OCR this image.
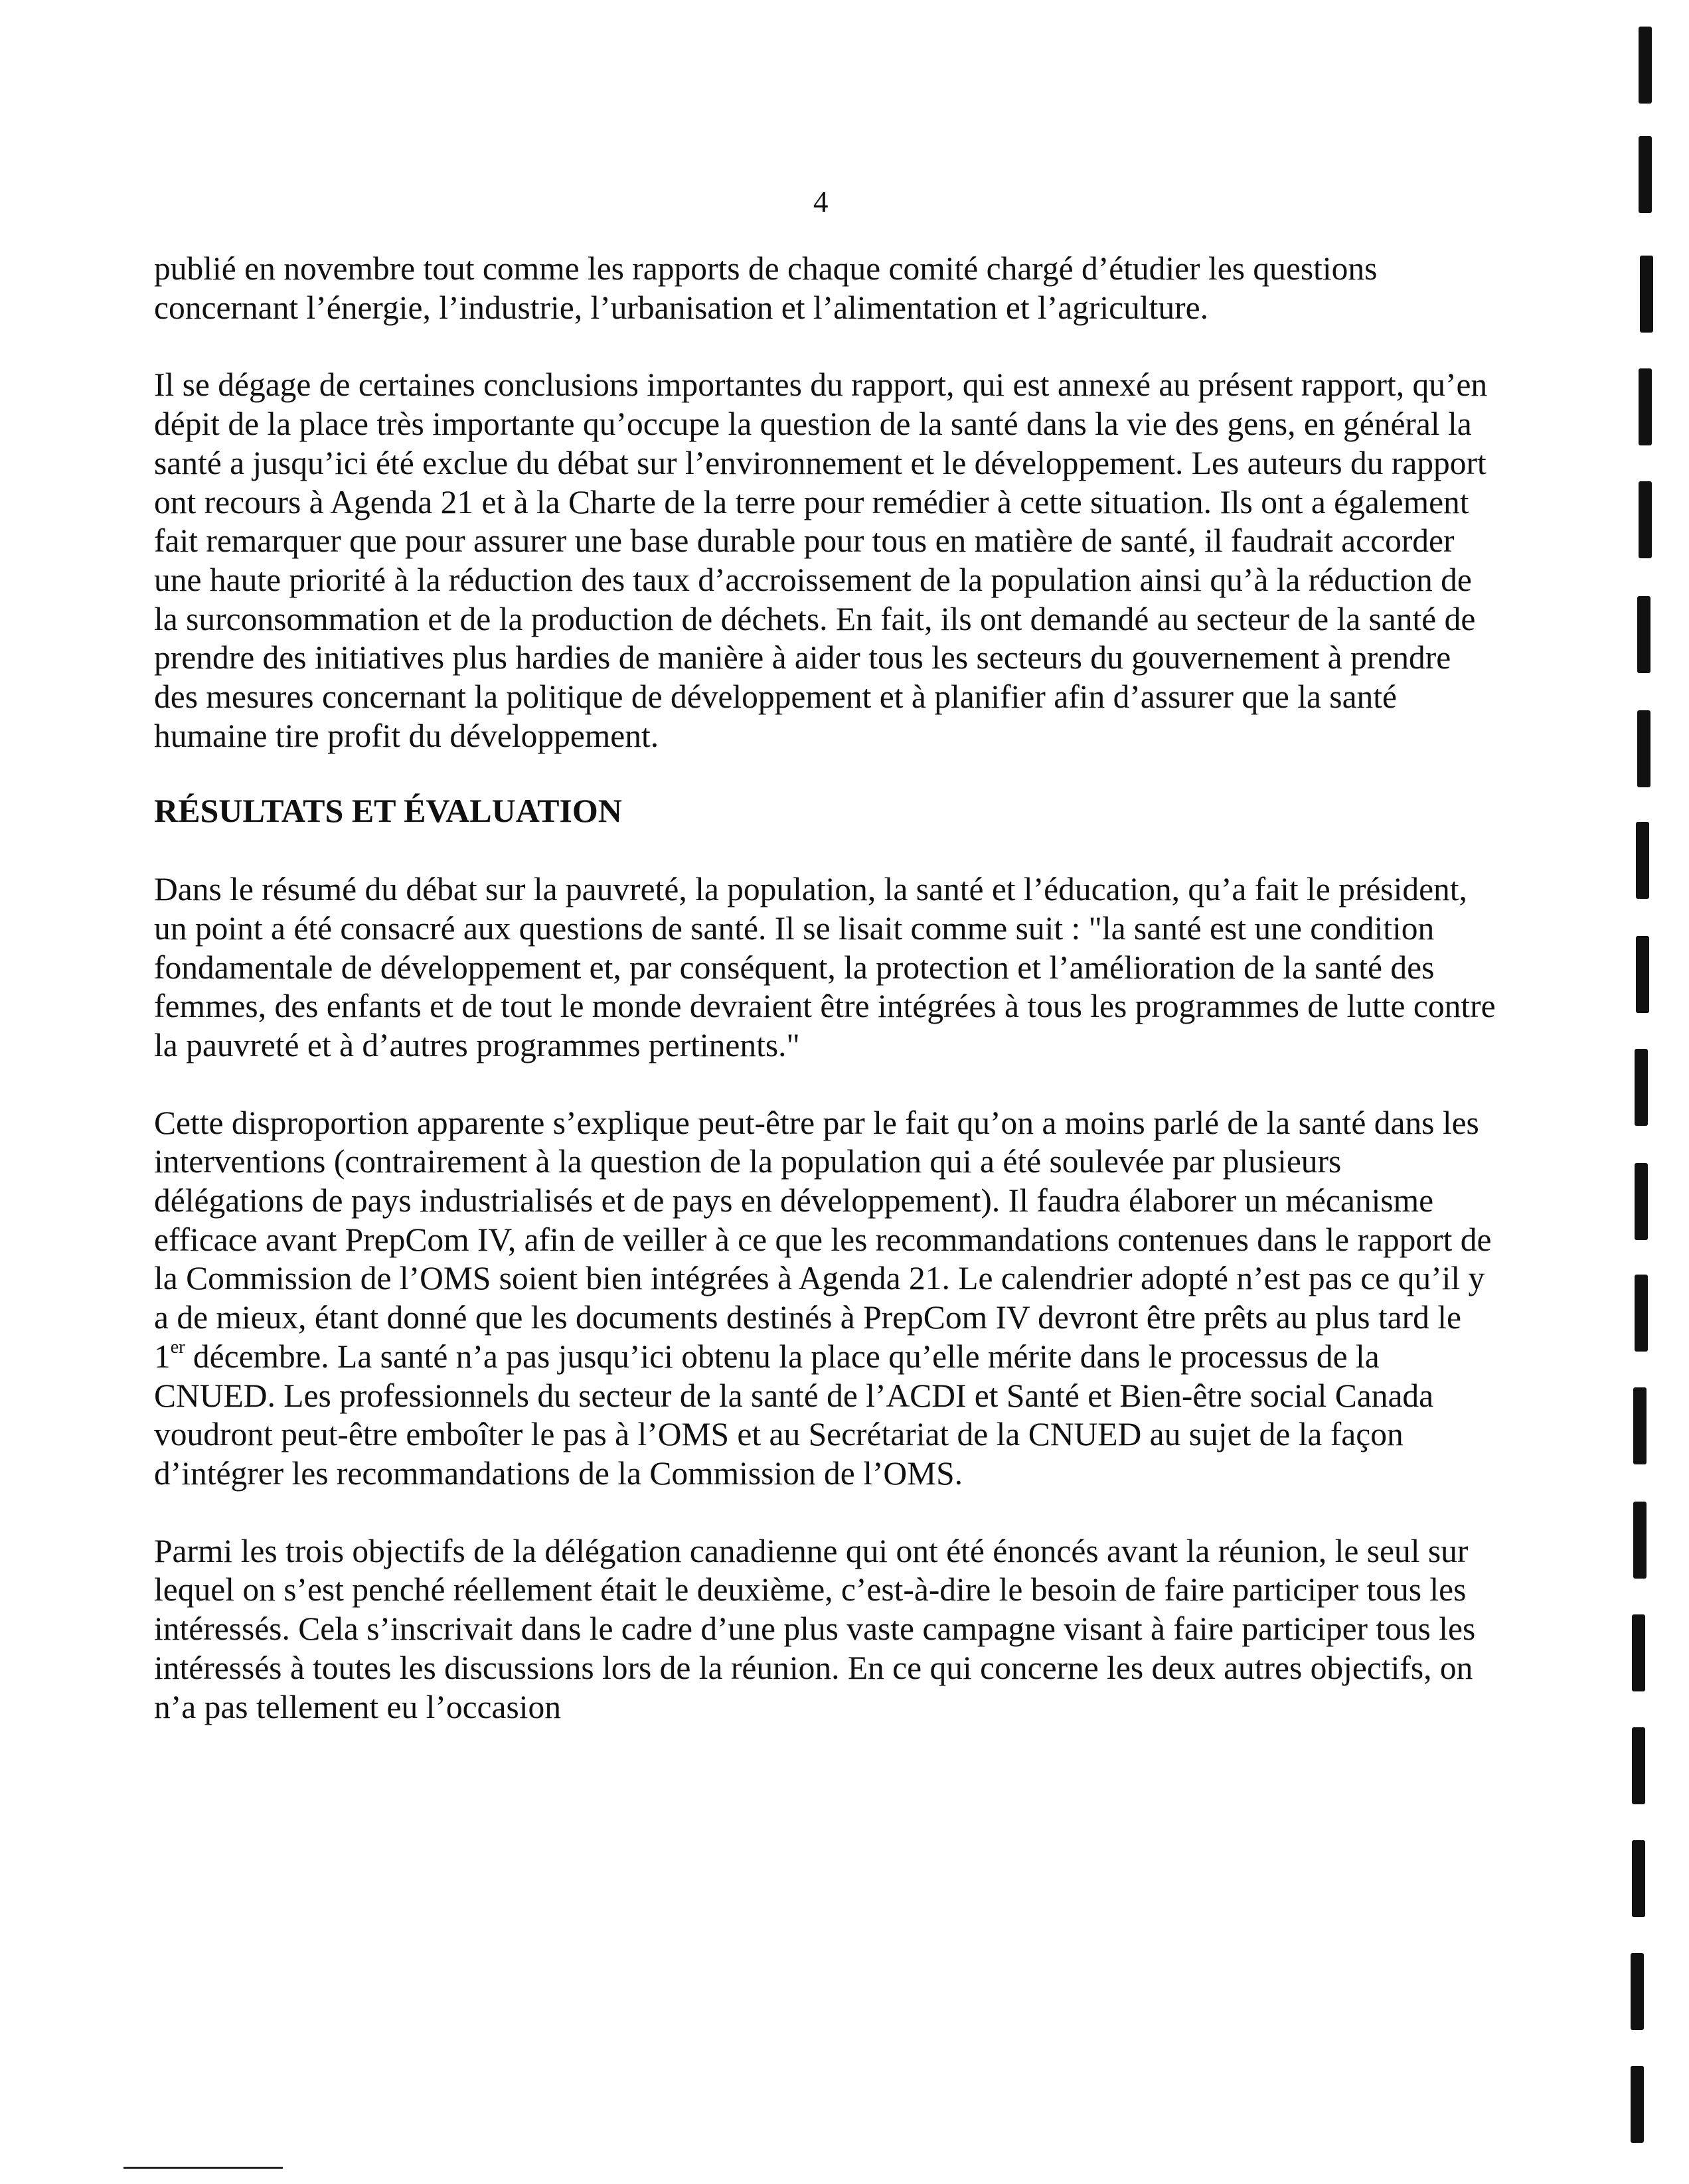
4

publié en novembre tout comme les rapports de chaque comité chargé d’étudier les questions concernant l’énergie, l’industrie, l’urbanisation et l’alimentation et l’agriculture.

Il se dégage de certaines conclusions importantes du rapport, qui est annexé au présent rapport, qu’en dépit de la place très importante qu’occupe la question de la santé dans la vie des gens, en général la santé a jusqu’ici été exclue du débat sur l’environnement et le développement. Les auteurs du rapport ont recours à Agenda 21 et à la Charte de la terre pour remédier à cette situation. Ils ont a également fait remarquer que pour assurer une base durable pour tous en matière de santé, il faudrait accorder une haute priorité à la réduction des taux d’accroissement de la population ainsi qu’à la réduction de la surconsommation et de la production de déchets. En fait, ils ont demandé au secteur de la santé de prendre des initiatives plus hardies de manière à aider tous les secteurs du gouvernement à prendre des mesures concernant la politique de développement et à planifier afin d’assurer que la santé humaine tire profit du développement.

RÉSULTATS ET ÉVALUATION

Dans le résumé du débat sur la pauvreté, la population, la santé et l’éducation, qu’a fait le président, un point a été consacré aux questions de santé. Il se lisait comme suit : "la santé est une condition fondamentale de développement et, par conséquent, la protection et l’amélioration de la santé des femmes, des enfants et de tout le monde devraient être intégrées à tous les programmes de lutte contre la pauvreté et à d’autres programmes pertinents."

Cette disproportion apparente s’explique peut-être par le fait qu’on a moins parlé de la santé dans les interventions (contrairement à la question de la population qui a été soulevée par plusieurs délégations de pays industrialisés et de pays en développement). Il faudra élaborer un mécanisme efficace avant PrepCom IV, afin de veiller à ce que les recommandations contenues dans le rapport de la Commission de l’OMS soient bien intégrées à Agenda 21. Le calendrier adopté n’est pas ce qu’il y a de mieux, étant donné que les documents destinés à PrepCom IV devront être prêts au plus tard le 1er décembre. La santé n’a pas jusqu’ici obtenu la place qu’elle mérite dans le processus de la CNUED. Les professionnels du secteur de la santé de l’ACDI et Santé et Bien-être social Canada voudront peut-être emboîter le pas à l’OMS et au Secrétariat de la CNUED au sujet de la façon d’intégrer les recommandations de la Commission de l’OMS.

Parmi les trois objectifs de la délégation canadienne qui ont été énoncés avant la réunion, le seul sur lequel on s’est penché réellement était le deuxième, c’est-à-dire le besoin de faire participer tous les intéressés. Cela s’inscrivait dans le cadre d’une plus vaste campagne visant à faire participer tous les intéressés à toutes les discussions lors de la réunion. En ce qui concerne les deux autres objectifs, on n’a pas tellement eu l’occasion
